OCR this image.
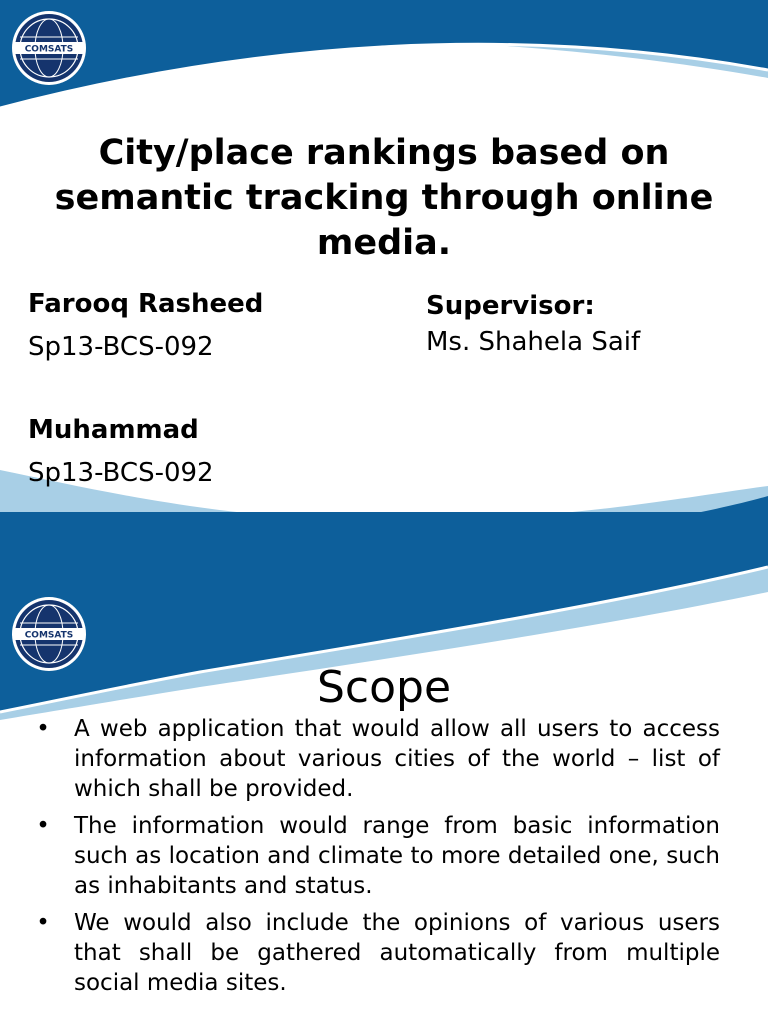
COMSATS
City/place rankings based on semantic tracking through online media.
Farooq Rasheed
Sp13-BCS-092
Muhammad
Sp13-BCS-092
Supervisor:
Ms. Shahela Saif
COMSATS
Scope
•	A web application that would allow all users to access information about various cities of the world – list of which shall be provided.
•	The information would range from basic information such as location and climate to more detailed one, such as inhabitants and status.
•	We would also include the opinions of various users that shall be gathered automatically from multiple social media sites.
